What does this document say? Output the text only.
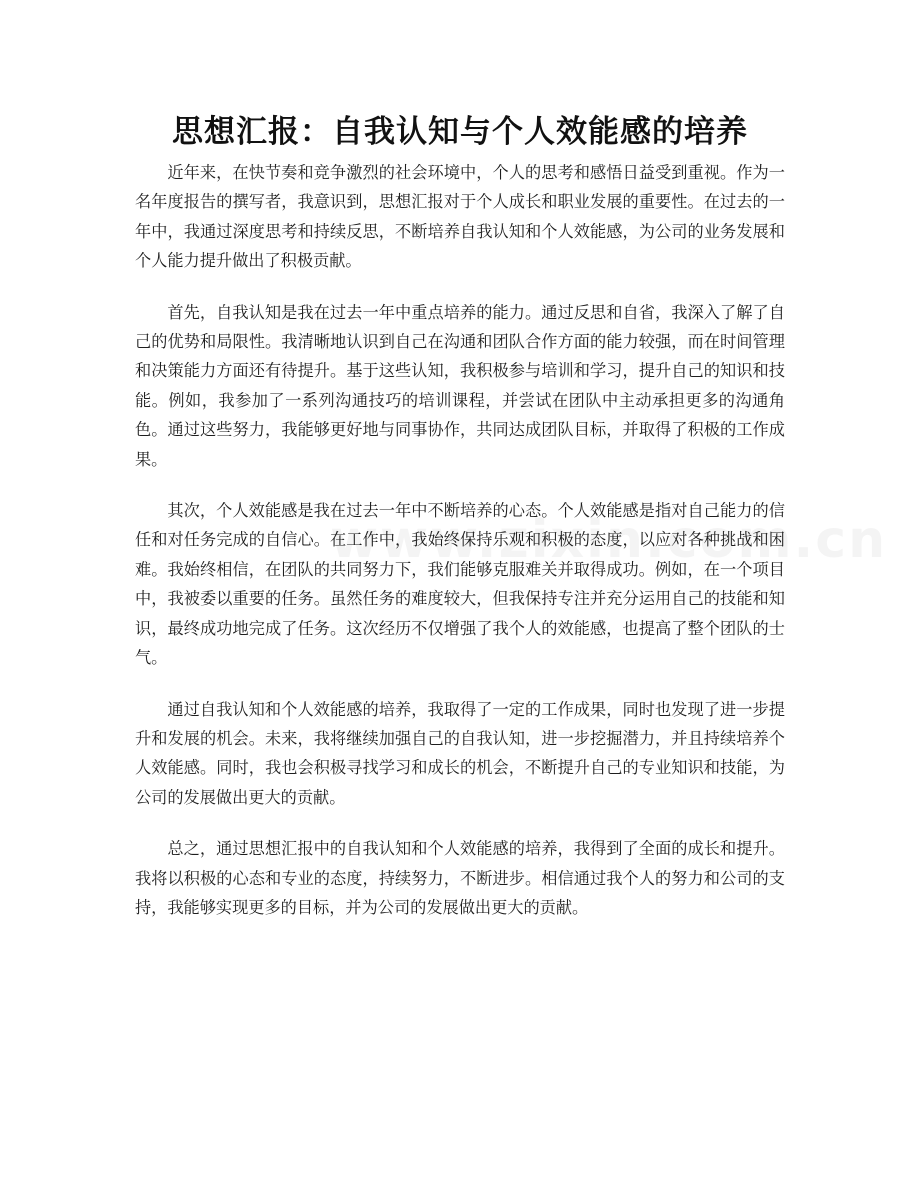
思想汇报：自我认知与个人效能感的培养

近年来，在快节奏和竞争激烈的社会环境中，个人的思考和感悟日益受到重视。作为一名年度报告的撰写者，我意识到，思想汇报对于个人成长和职业发展的重要性。在过去的一年中，我通过深度思考和持续反思，不断培养自我认知和个人效能感，为公司的业务发展和个人能力提升做出了积极贡献。

首先，自我认知是我在过去一年中重点培养的能力。通过反思和自省，我深入了解了自己的优势和局限性。我清晰地认识到自己在沟通和团队合作方面的能力较强，而在时间管理和决策能力方面还有待提升。基于这些认知，我积极参与培训和学习，提升自己的知识和技能。例如，我参加了一系列沟通技巧的培训课程，并尝试在团队中主动承担更多的沟通角色。通过这些努力，我能够更好地与同事协作，共同达成团队目标，并取得了积极的工作成果。

其次，个人效能感是我在过去一年中不断培养的心态。个人效能感是指对自己能力的信任和对任务完成的自信心。在工作中，我始终保持乐观和积极的态度，以应对各种挑战和困难。我始终相信，在团队的共同努力下，我们能够克服难关并取得成功。例如，在一个项目中，我被委以重要的任务。虽然任务的难度较大，但我保持专注并充分运用自己的技能和知识，最终成功地完成了任务。这次经历不仅增强了我个人的效能感，也提高了整个团队的士气。

通过自我认知和个人效能感的培养，我取得了一定的工作成果，同时也发现了进一步提升和发展的机会。未来，我将继续加强自己的自我认知，进一步挖掘潜力，并且持续培养个人效能感。同时，我也会积极寻找学习和成长的机会，不断提升自己的专业知识和技能，为公司的发展做出更大的贡献。

总之，通过思想汇报中的自我认知和个人效能感的培养，我得到了全面的成长和提升。我将以积极的心态和专业的态度，持续努力，不断进步。相信通过我个人的努力和公司的支持，我能够实现更多的目标，并为公司的发展做出更大的贡献。
